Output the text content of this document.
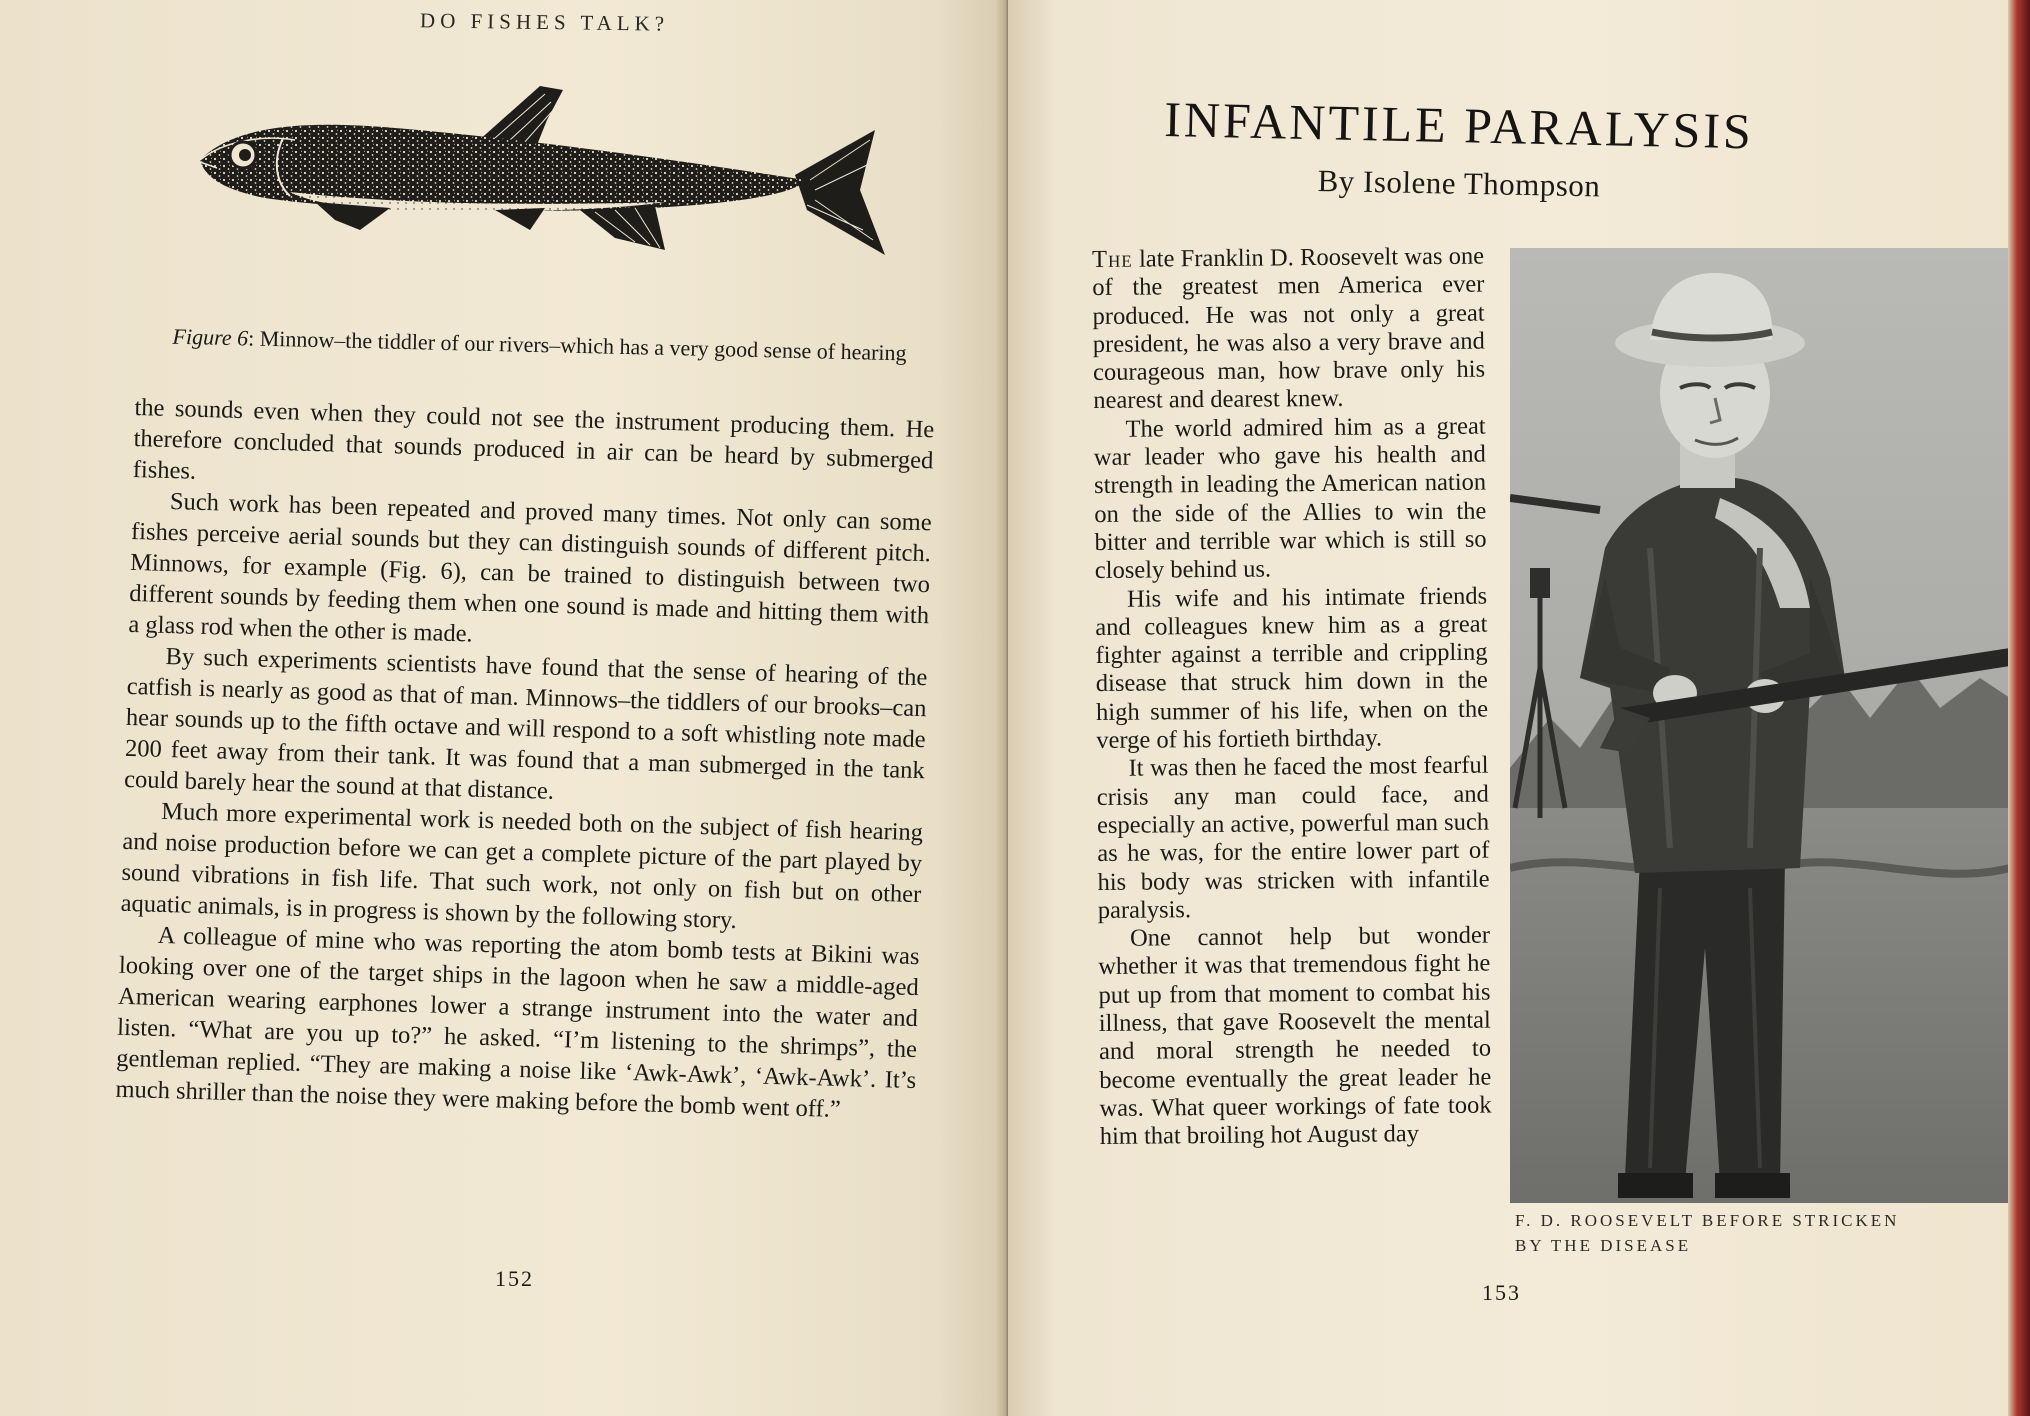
DO FISHES TALK?
Figure 6: Minnow–the tiddler of our rivers–which has a very good sense of hearing

the sounds even when they could not see the instrument producing them. He therefore concluded that sounds produced in air can be heard by submerged fishes.

Such work has been repeated and proved many times. Not only can some fishes perceive aerial sounds but they can distinguish sounds of different pitch. Minnows, for example (Fig. 6), can be trained to distinguish between two different sounds by feeding them when one sound is made and hitting them with a glass rod when the other is made.

By such experiments scientists have found that the sense of hearing of the catfish is nearly as good as that of man. Minnows–the tiddlers of our brooks–can hear sounds up to the fifth octave and will respond to a soft whistling note made 200 feet away from their tank. It was found that a man submerged in the tank could barely hear the sound at that distance.

Much more experimental work is needed both on the subject of fish hearing and noise production before we can get a complete picture of the part played by sound vibrations in fish life. That such work, not only on fish but on other aquatic animals, is in progress is shown by the following story.

A colleague of mine who was reporting the atom bomb tests at Bikini was looking over one of the target ships in the lagoon when he saw a middle-aged American wearing earphones lower a strange instrument into the water and listen. “What are you up to?” he asked. “I’m listening to the shrimps”, the gentleman replied. “They are making a noise like ‘Awk-Awk’, ‘Awk-Awk’. It’s much shriller than the noise they were making before the bomb went off.”

152
INFANTILE PARALYSIS
By Isolene Thompson

The late Franklin D. Roosevelt was one of the greatest men America ever produced. He was not only a great president, he was also a very brave and courageous man, how brave only his nearest and dearest knew.

The world admired him as a great war leader who gave his health and strength in leading the American nation on the side of the Allies to win the bitter and terrible war which is still so closely behind us.

His wife and his intimate friends and colleagues knew him as a great fighter against a terrible and crippling disease that struck him down in the high summer of his life, when on the verge of his fortieth birthday.

It was then he faced the most fearful crisis any man could face, and especially an active, powerful man such as he was, for the entire lower part of his body was stricken with infantile paralysis.

One cannot help but wonder whether it was that tremendous fight he put up from that moment to combat his illness, that gave Roosevelt the mental and moral strength he needed to become eventually the great leader he was. What queer workings of fate took him that broiling hot August day

F. D. ROOSEVELT BEFORE STRICKEN
BY THE DISEASE
153
